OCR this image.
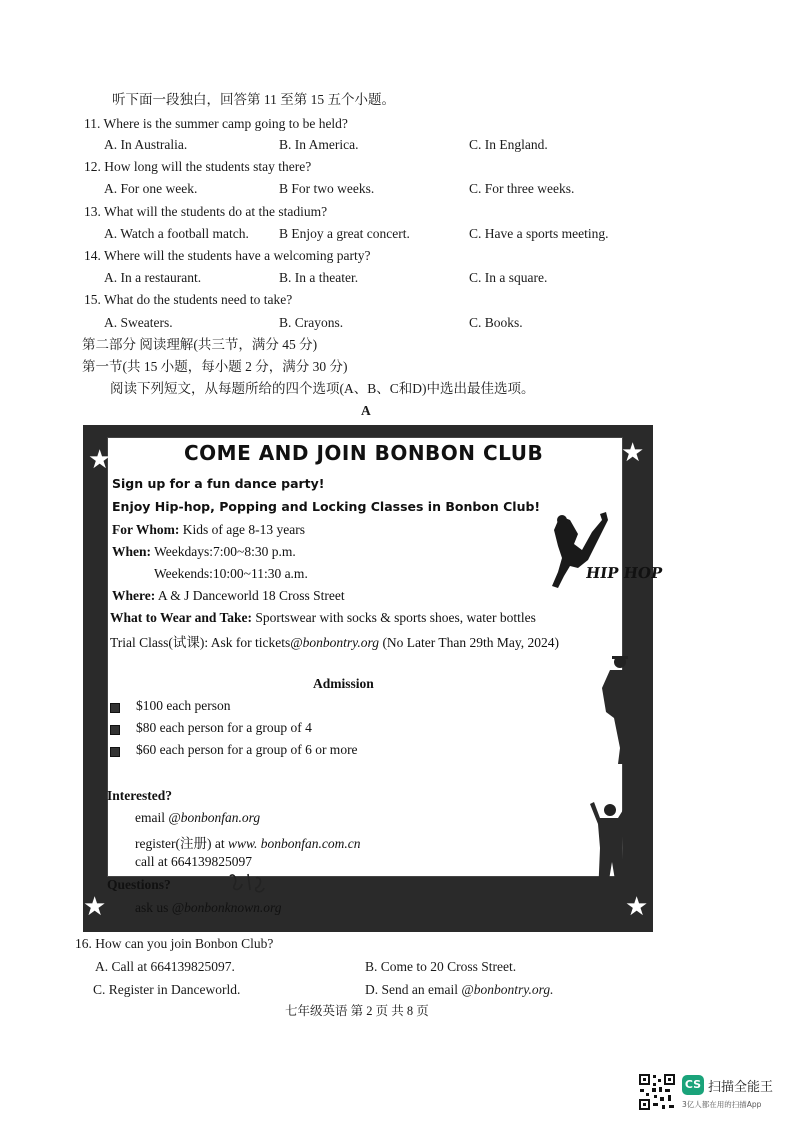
听下面一段独白，回答第 11 至第 15 五个小题。
11. Where is the summer camp going to be held?
A. In Australia.	B. In America.	C. In England.
12. How long will the students stay there?
A. For one week.	B For two weeks.	C. For three weeks.
13. What will the students do at the stadium?
A. Watch a football match. B Enjoy a great concert.	C. Have a sports meeting.
14. Where will the students have a welcoming party?
A. In a restaurant.	B. In a theater.	C. In a square.
15. What do the students need to take?
A. Sweaters.	B. Crayons.	C. Books.
第二部分 阅读理解(共三节，满分 45 分)
第一节(共 15 小题，每小题 2 分，满分 30 分)
阅读下列短文，从每题所给的四个选项(A、B、C和D)中选出最佳选项。
A
★	★
★	★
COME AND JOIN BONBON CLUB
Sign up for a fun dance party!
Enjoy Hip-hop, Popping and Locking Classes in Bonbon Club!
For Whom: Kids of age 8-13 years
When: Weekdays:7:00~8:30 p.m.
Weekends:10:00~11:30 a.m.
Where: A & J Danceworld 18 Cross Street
What to Wear and Take: Sportswear with socks & sports shoes, water bottles
Trial Class(试课): Ask for tickets@bonbontry.org (No Later Than 29th May, 2024)
HIP HOP
Admission
$100 each person
$80 each person for a group of 4
$60 each person for a group of 6 or more
Interested?
email @bonbonfan.org
register(注册) at www. bonbonfan.com.cn
call at 664139825097
Questions?
ask us @bonbonknown.org
16. How can you join Bonbon Club?
A. Call at 664139825097.	B. Come to 20 Cross Street.
C. Register in Danceworld.	D. Send an email @bonbontry.org.
七年级英语 第 2 页 共 8 页
CS 扫描全能王
3亿人都在用的扫描App
